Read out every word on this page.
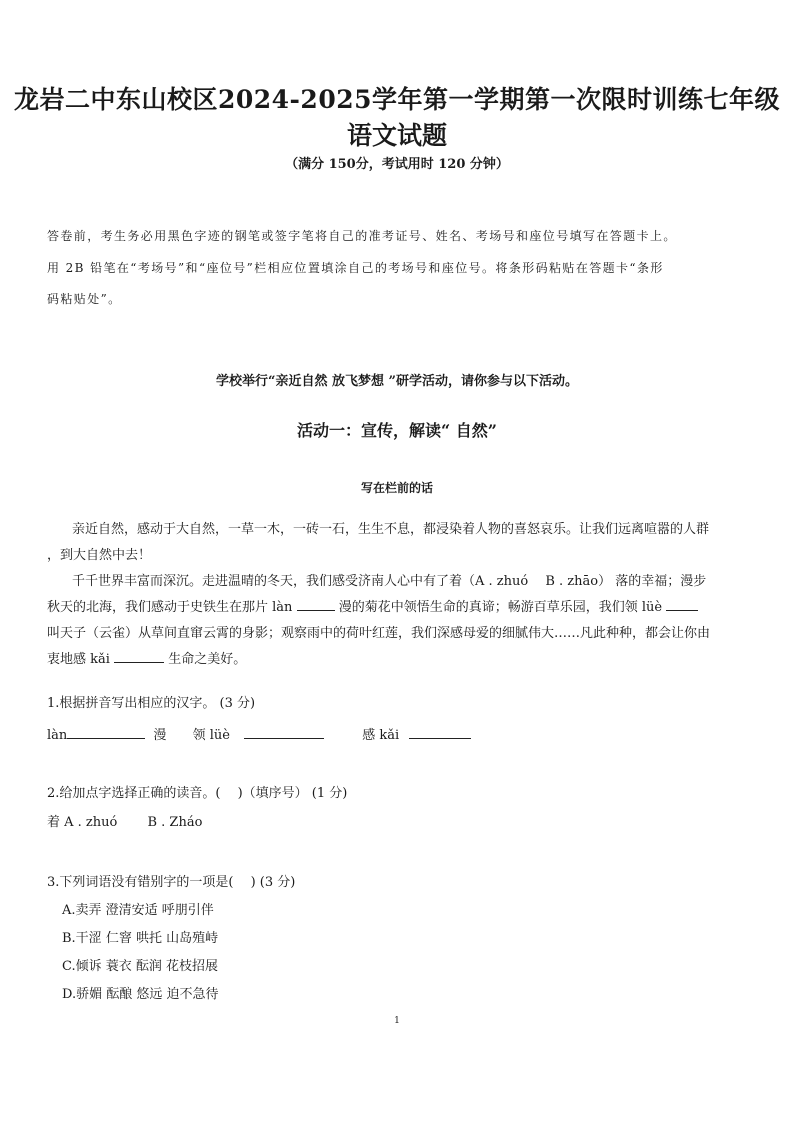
龙岩二中东山校区2024-2025学年第一学期第一次限时训练七年级
语文试题
（满分 150分，考试用时 120 分钟）
答卷前，考生务必用黑色字迹的钢笔或签字笔将自己的准考证号、姓名、考场号和座位号填写在答题卡上。
用 2B 铅笔在“考场号”和“座位号”栏相应位置填涂自己的考场号和座位号。将条形码粘贴在答题卡“条形
码粘贴处”。
学校举行“亲近自然 放飞梦想 ”研学活动，请你参与以下活动。
活动一：宣传，解读“ 自然”
写在栏前的话
亲近自然，感动于大自然，一草一木，一砖一石，生生不息，都浸染着人物的喜怒哀乐。让我们远离喧嚣的人群
，到大自然中去！
千千世界丰富而深沉。走进温晴的冬天，我们感受济南人心中有了着（A . zhuó　 B . zhāo） 落的幸福；漫步
秋天的北海，我们感动于史铁生在那片 làn	漫的菊花中领悟生命的真谛；畅游百草乐园，我们领 lüè
叫天子（云雀）从草间直窜云霄的身影；观察雨中的荷叶红莲，我们深感母爱的细腻伟大……凡此种种，都会让你由
衷地感 kǎi	生命之美好。
1.根据拼音写出相应的汉字。 (3 分)
làn	漫 领 lüè	感 kǎi
2.给加点字选择正确的读音。(　 )（填序号） (1 分)
着 A . zhuó　　 B . Zháo
3.下列词语没有错别字的一项是(　 ) (3 分)
A.卖弄 澄清安适 呼朋引伴
B.干涩 仁窨 哄托 山岛殖峙
C.倾诉 蓑衣 酝润 花枝招展
D.骄媚 酝酿 悠远 迫不急待
1
